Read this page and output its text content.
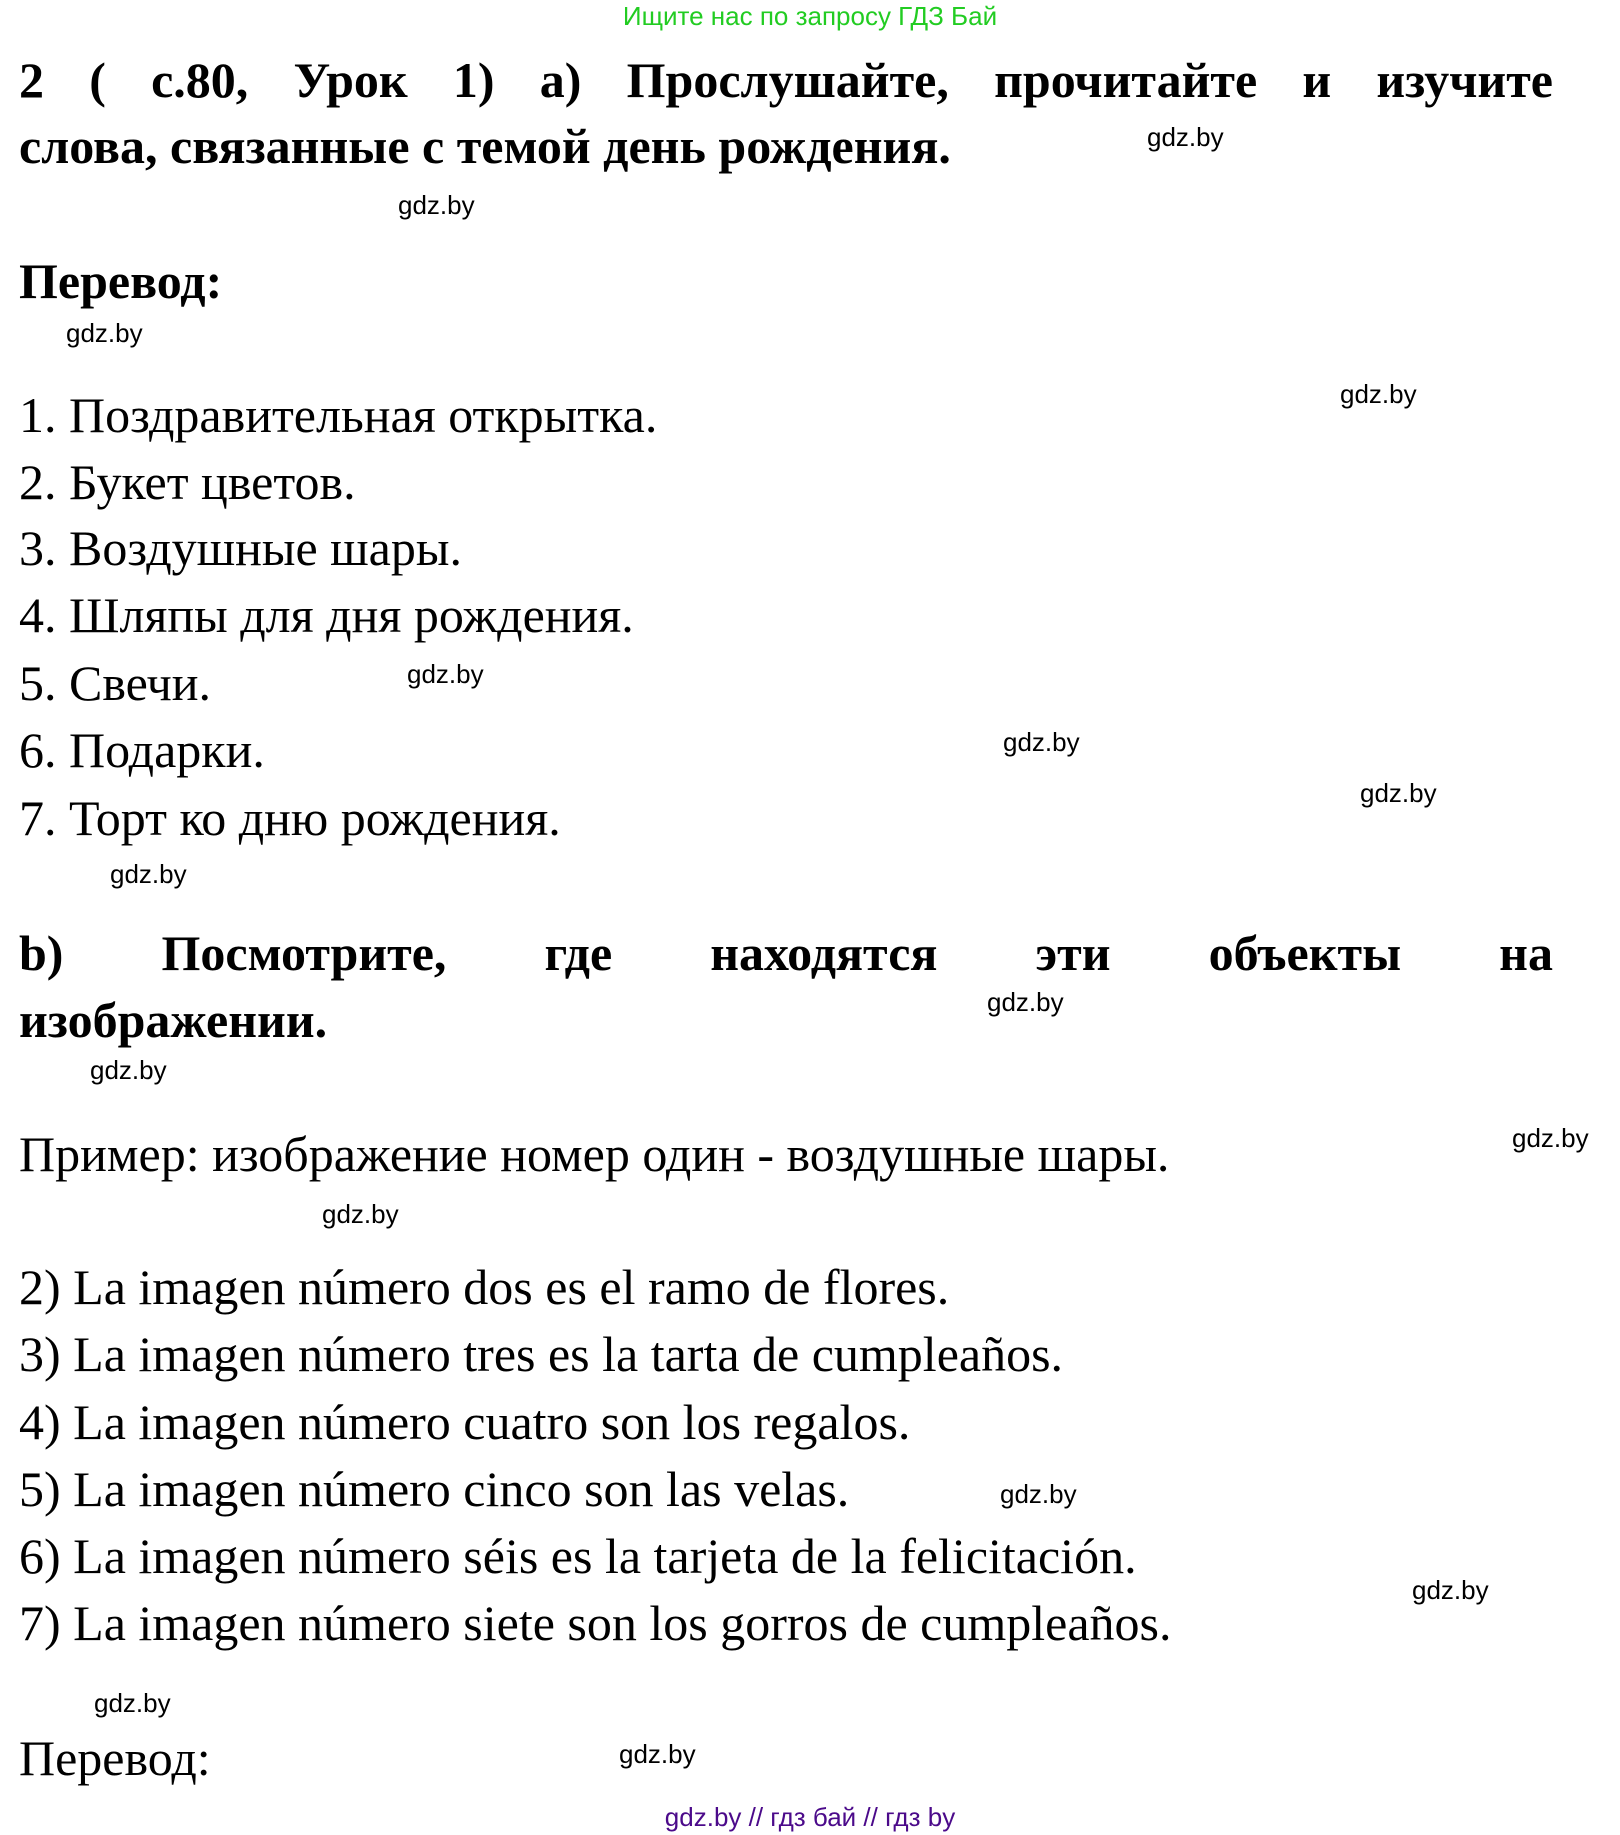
Ищите нас по запросу ГДЗ Бай
2 ( с.80, Урок 1) a) Прослушайте, прочитайте и изучите
слова, связанные с темой день рождения.
Перевод:
1. Поздравительная открытка.
2. Букет цветов.
3. Воздушные шары.
4. Шляпы для дня рождения.
5. Свечи.
6. Подарки.
7. Торт ко дню рождения.
b) Посмотрите, где находятся эти объекты на
изображении.
Пример: изображение номер один - воздушные шары.
2) La imagen número dos es el ramo de flores.
3) La imagen número tres es la tarta de cumpleaños.
4) La imagen número cuatro son los regalos.
5) La imagen número cinco son las velas.
6) La imagen número séis es la tarjeta de la felicitación.
7) La imagen número siete son los gorros de cumpleaños.
Перевод:
gdz.by
gdz.by
gdz.by
gdz.by
gdz.by
gdz.by
gdz.by
gdz.by
gdz.by
gdz.by
gdz.by
gdz.by
gdz.by
gdz.by
gdz.by
gdz.by
gdz.by // гдз бай // гдз by
